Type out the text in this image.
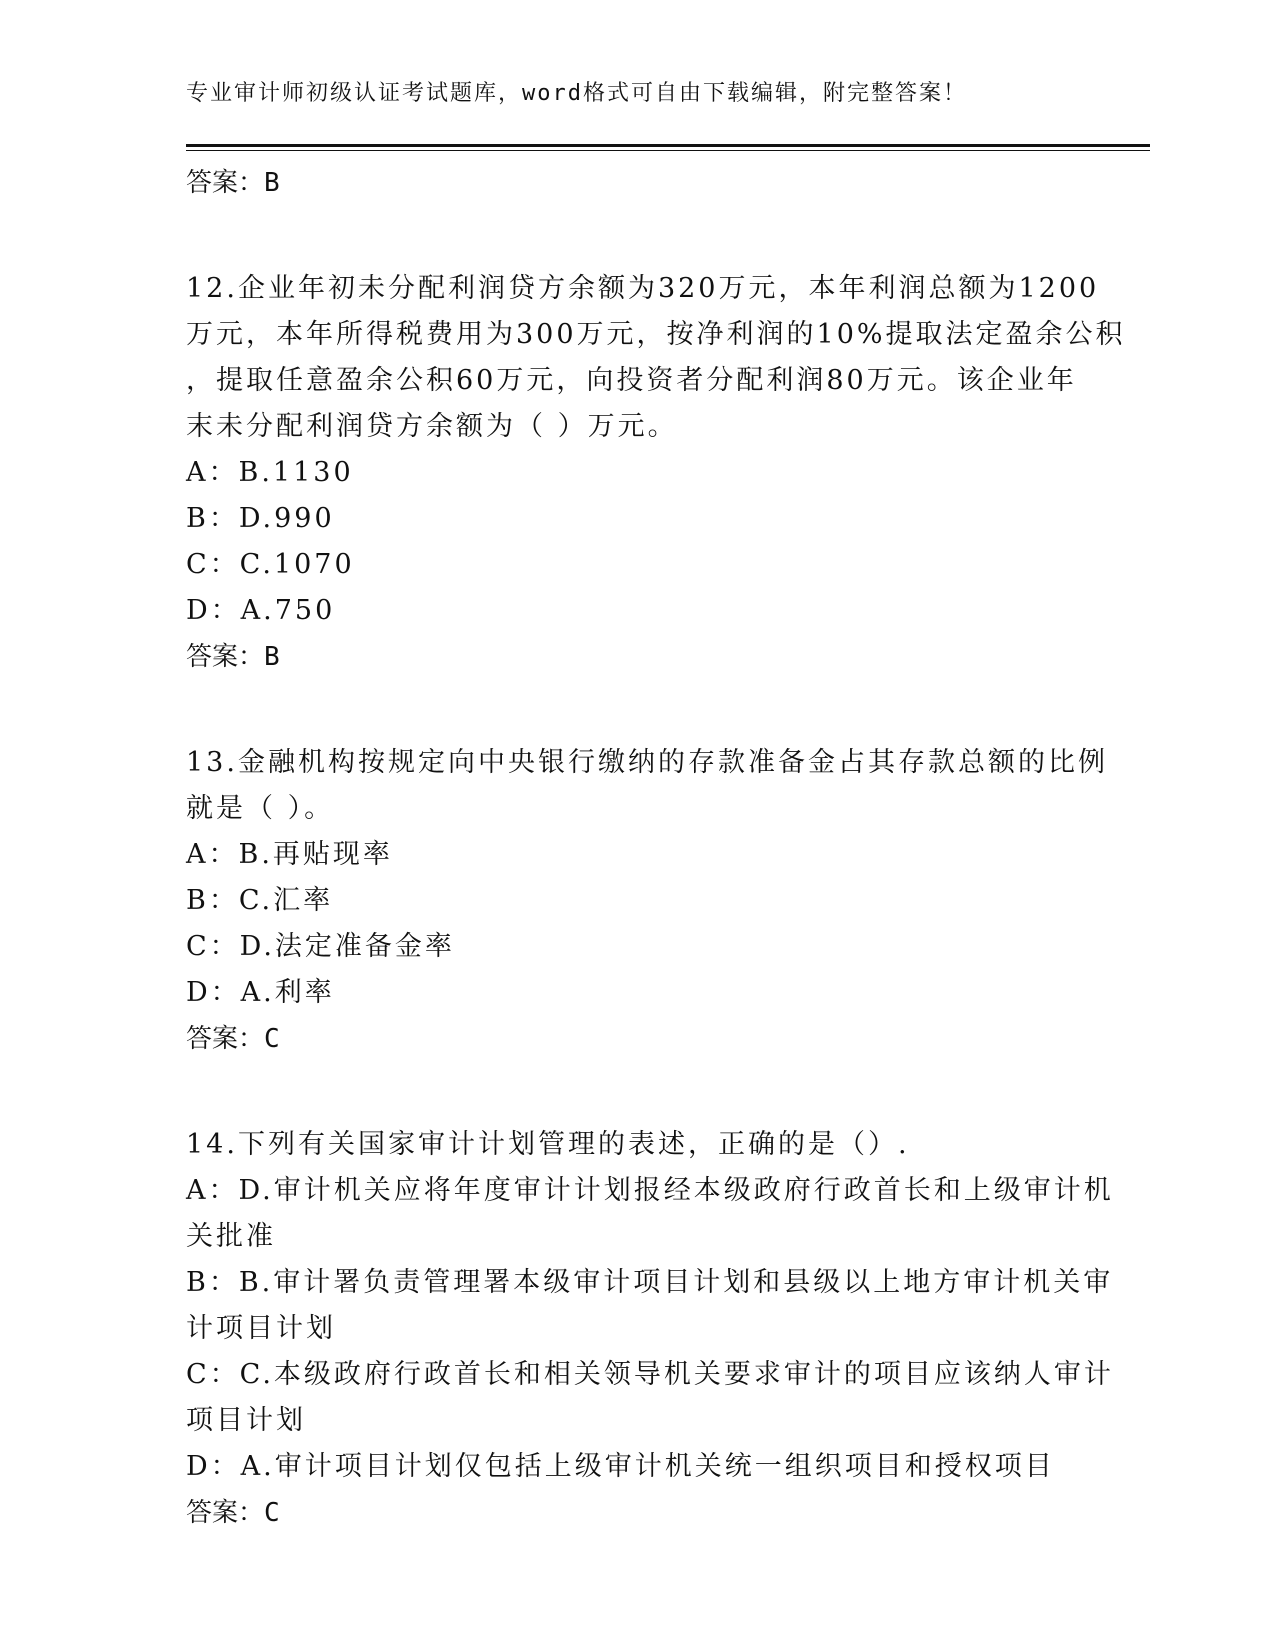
专业审计师初级认证考试题库，word格式可自由下载编辑，附完整答案！
答案：B
12.企业年初未分配利润贷方余额为320万元，本年利润总额为1200
万元，本年所得税费用为300万元，按净利润的10%提取法定盈余公积
，提取任意盈余公积60万元，向投资者分配利润80万元。该企业年
末未分配利润贷方余额为（ ）万元。
A：B.1130
B：D.990
C：C.1070
D：A.750
答案：B
13.金融机构按规定向中央银行缴纳的存款准备金占其存款总额的比例
就是（ ）。
A：B.再贴现率
B：C.汇率
C：D.法定准备金率
D：A.利率
答案：C
14.下列有关国家审计计划管理的表述，正确的是（）.
A：D.审计机关应将年度审计计划报经本级政府行政首长和上级审计机
关批准
B：B.审计署负责管理署本级审计项目计划和县级以上地方审计机关审
计项目计划
C：C.本级政府行政首长和相关领导机关要求审计的项目应该纳人审计
项目计划
D：A.审计项目计划仅包括上级审计机关统一组织项目和授权项目
答案：C
